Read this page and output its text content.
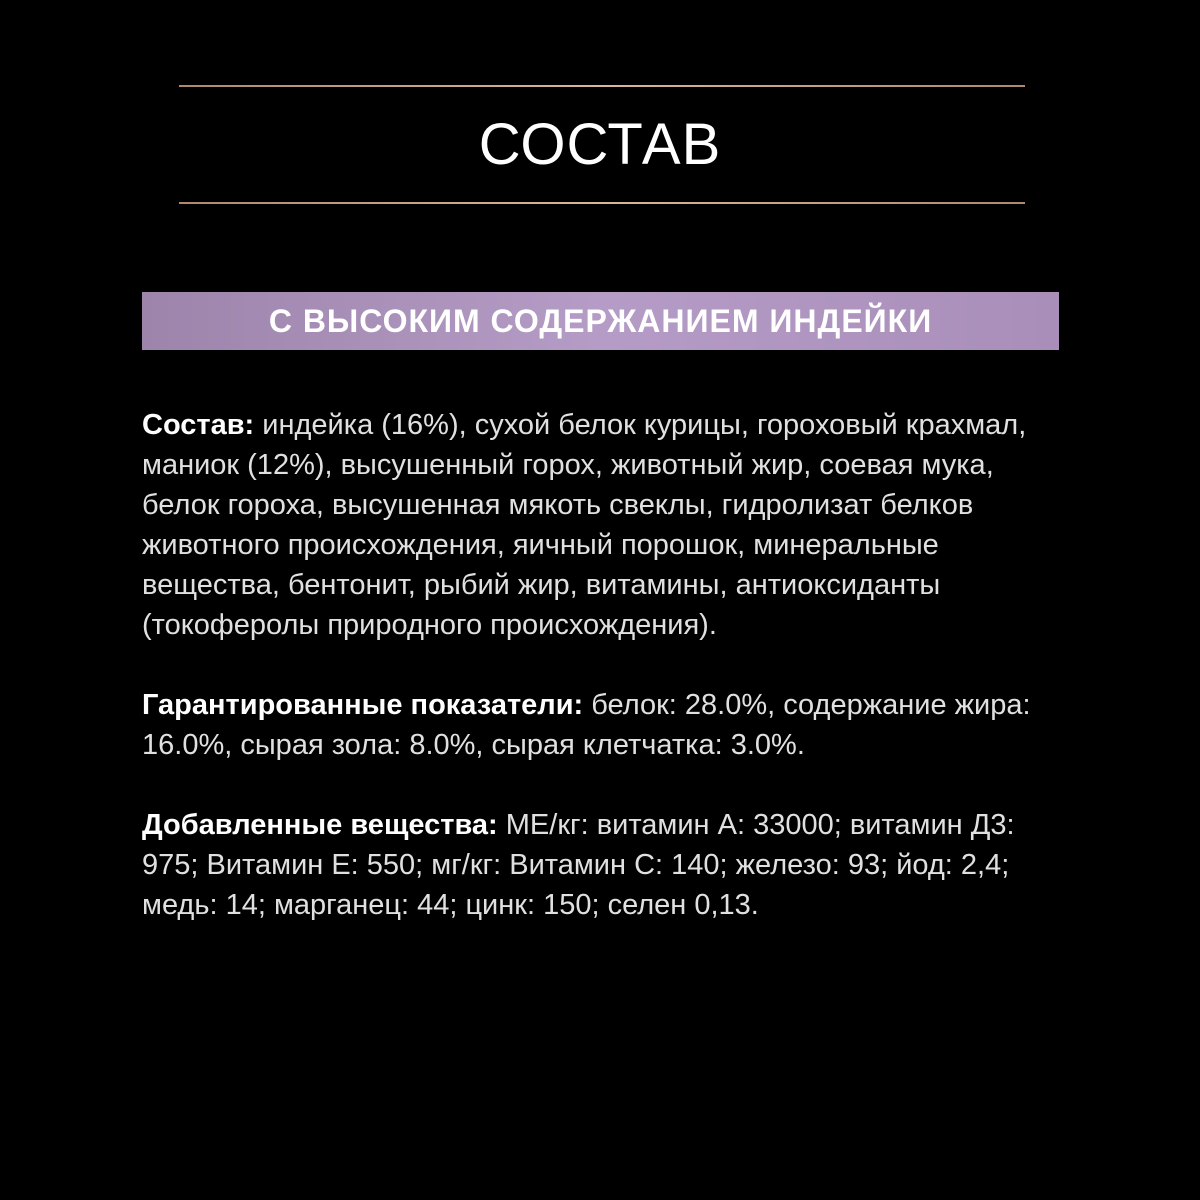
СОСТАВ
С ВЫСОКИМ СОДЕРЖАНИЕМ ИНДЕЙКИ

Состав: индейка (16%), сухой белок курицы, гороховый крахмал, маниок (12%), высушенный горох, животный жир, соевая мука, белок гороха, высушенная мякоть свеклы, гидролизат белков животного происхождения, яичный порошок, минеральные вещества, бентонит, рыбий жир, витамины, антиоксиданты (токоферолы природного происхождения).

Гарантированные показатели: белок: 28.0%, содержание жира: 16.0%, сырая зола: 8.0%, сырая клетчатка: 3.0%.

Добавленные вещества: МЕ/кг: витамин А: 33000; витамин Д3: 975; Витамин Е: 550; мг/кг: Витамин С: 140; железо: 93; йод: 2,4; медь: 14; марганец: 44; цинк: 150; селен 0,13.
